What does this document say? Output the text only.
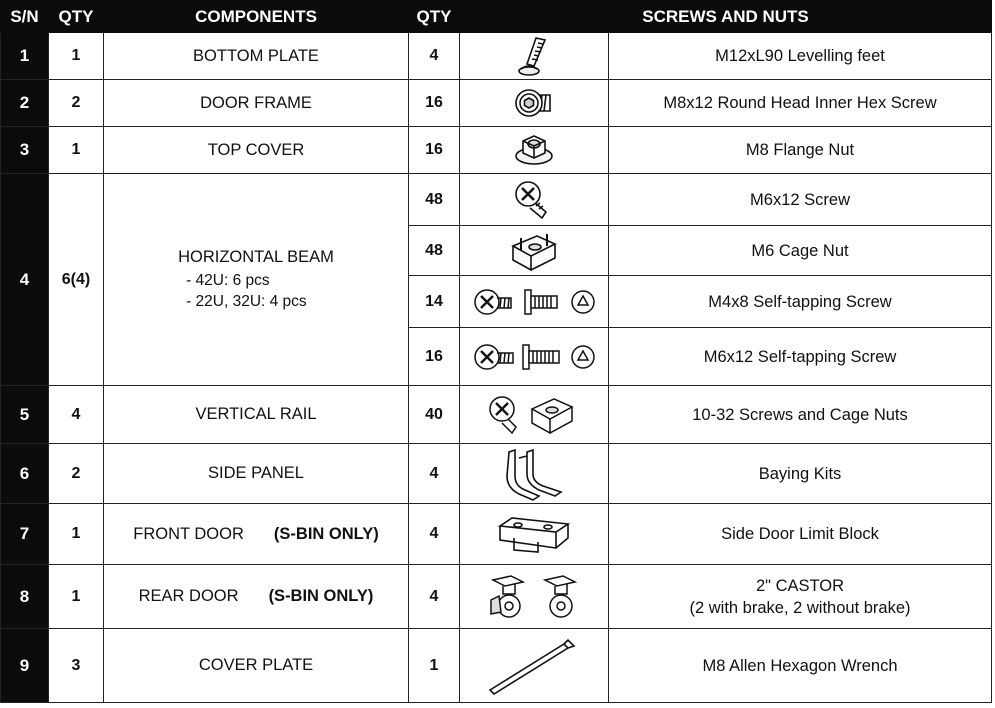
S/N	QTY	COMPONENTS	QTY	SCREWS AND NUTS	
1	1	BOTTOM PLATE	4		M12xL90 Levelling feet
2	2	DOOR FRAME	16		M8x12 Round Head Inner Hex Screw
3	1	TOP COVER	16		M8 Flange Nut
4	6(4)	HORIZONTAL BEAM
- 42U: 6 pcs
- 22U, 32U: 4 pcs	48		M6x12 Screw
			48		M6 Cage Nut
			14		M4x8 Self-tapping Screw
			16		M6x12 Self-tapping Screw
5	4	VERTICAL RAIL	40		10-32 Screws and Cage Nuts
6	2	SIDE PANEL	4		Baying Kits
7	1	FRONT DOOR (S-BIN ONLY)	4		Side Door Limit Block
8	1	REAR DOOR (S-BIN ONLY)	4		2" CASTOR
(2 with brake, 2 without brake)

9	3	COVER PLATE	1		M8 Allen Hexagon Wrench
